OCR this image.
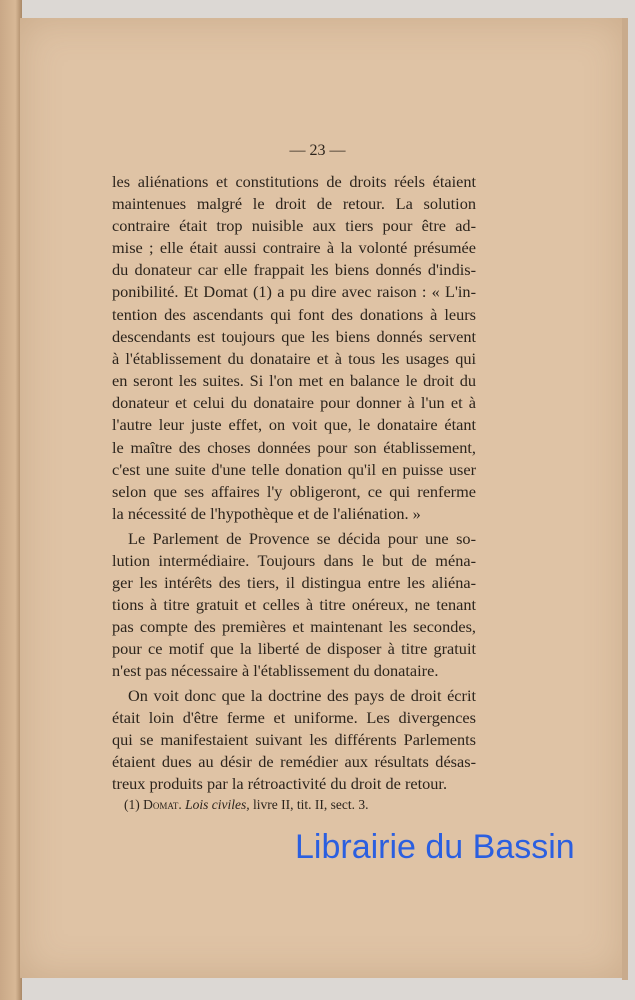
— 23 —
les aliénations et constitutions de droits réels étaient
maintenues malgré le droit de retour. La solution
contraire était trop nuisible aux tiers pour être ad-
mise ; elle était aussi contraire à la volonté présumée
du donateur car elle frappait les biens donnés d'indis-
ponibilité. Et Domat (1) a pu dire avec raison : « L'in-
tention des ascendants qui font des donations à leurs
descendants est toujours que les biens donnés servent
à l'établissement du donataire et à tous les usages qui
en seront les suites. Si l'on met en balance le droit du
donateur et celui du donataire pour donner à l'un et à
l'autre leur juste effet, on voit que, le donataire étant
le maître des choses données pour son établissement,
c'est une suite d'une telle donation qu'il en puisse user
selon que ses affaires l'y obligeront, ce qui renferme
la nécessité de l'hypothèque et de l'aliénation. »
Le Parlement de Provence se décida pour une so-
lution intermédiaire. Toujours dans le but de ména-
ger les intérêts des tiers, il distingua entre les aliéna-
tions à titre gratuit et celles à titre onéreux, ne tenant
pas compte des premières et maintenant les secondes,
pour ce motif que la liberté de disposer à titre gratuit
n'est pas nécessaire à l'établissement du donataire.
On voit donc que la doctrine des pays de droit écrit
était loin d'être ferme et uniforme. Les divergences
qui se manifestaient suivant les différents Parlements
étaient dues au désir de remédier aux résultats désas-
treux produits par la rétroactivité du droit de retour.
(1) Domat. Lois civiles, livre II, tit. II, sect. 3.
Librairie du Bassin
